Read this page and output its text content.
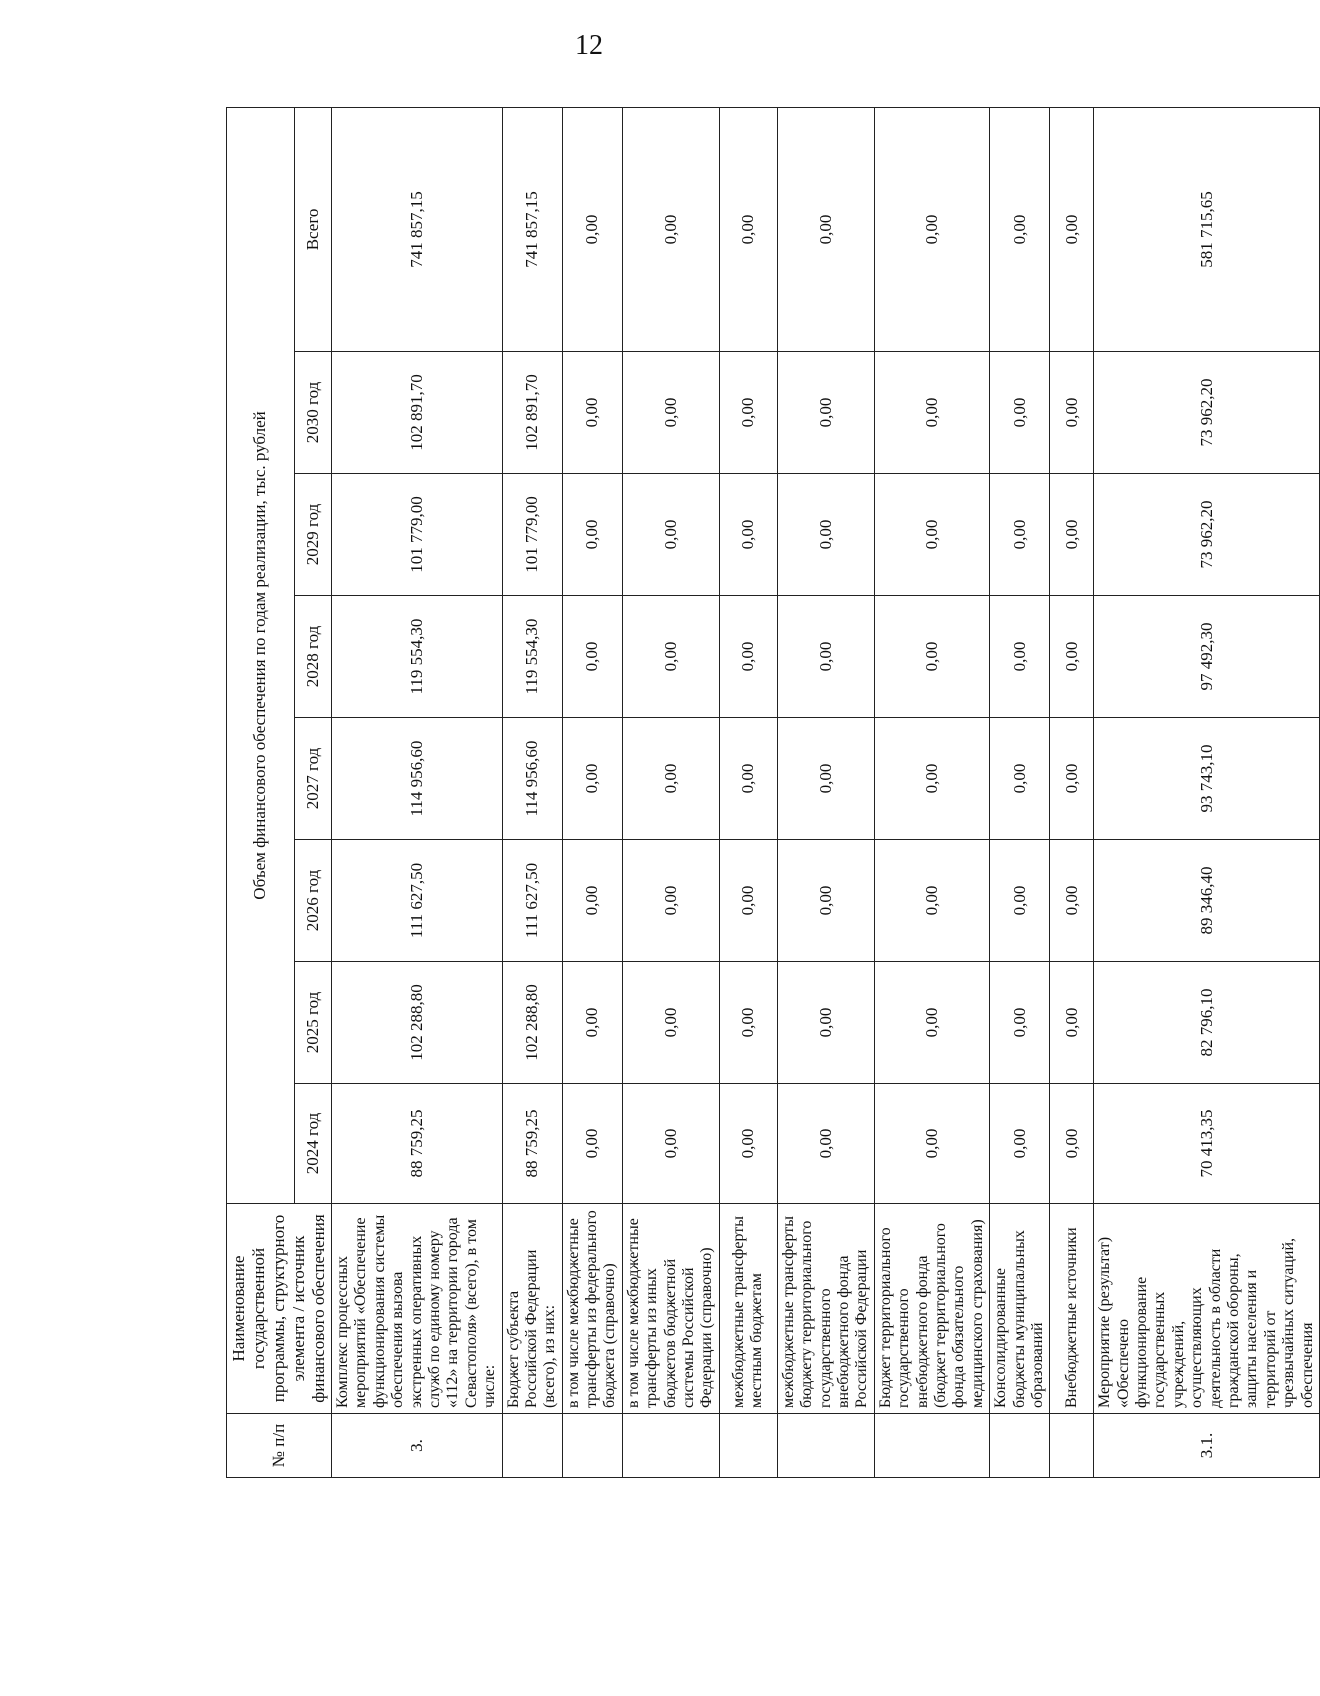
12
№ п/п	Наименование государственной программы, структурного элемента / источник финансового обеспечения	Объем финансового обеспечения по годам реализации, тыс. рублей							
		2024 год	2025 год	2026 год	2027 год	2028 год	2029 год	2030 год	Всего
3.	Комплекс процессных мероприятий «Обеспечение функционирования системы обеспечения вызова экстренных оперативных служб по единому номеру «112» на территории города Севастополя» (всего), в том числе:	88 759,25	102 288,80	111 627,50	114 956,60	119 554,30	101 779,00	102 891,70	741 857,15
	Бюджет субъекта Российской Федерации (всего), из них:	88 759,25	102 288,80	111 627,50	114 956,60	119 554,30	101 779,00	102 891,70	741 857,15
	в том числе межбюджетные трансферты из федерального бюджета (справочно)	0,00	0,00	0,00	0,00	0,00	0,00	0,00	0,00
	в том числе межбюджетные трансферты из иных бюджетов бюджетной системы Российской Федерации (справочно)	0,00	0,00	0,00	0,00	0,00	0,00	0,00	0,00
	межбюджетные трансферты местным бюджетам	0,00	0,00	0,00	0,00	0,00	0,00	0,00	0,00
	межбюджетные трансферты бюджету территориального государственного внебюджетного фонда Российской Федерации	0,00	0,00	0,00	0,00	0,00	0,00	0,00	0,00
	Бюджет территориального государственного внебюджетного фонда (бюджет территориального фонда обязательного медицинского страхования)	0,00	0,00	0,00	0,00	0,00	0,00	0,00	0,00
	Консолидированные бюджеты муниципальных образований	0,00	0,00	0,00	0,00	0,00	0,00	0,00	0,00
	Внебюджетные источники	0,00	0,00	0,00	0,00	0,00	0,00	0,00	0,00
3.1.	Мероприятие (результат) «Обеспечено функционирование государственных учреждений, осуществляющих деятельность в области гражданской обороны, защиты населения и территорий от чрезвычайных ситуаций, обеспечения	70 413,35	82 796,10	89 346,40	93 743,10	97 492,30	73 962,20	73 962,20	581 715,65
